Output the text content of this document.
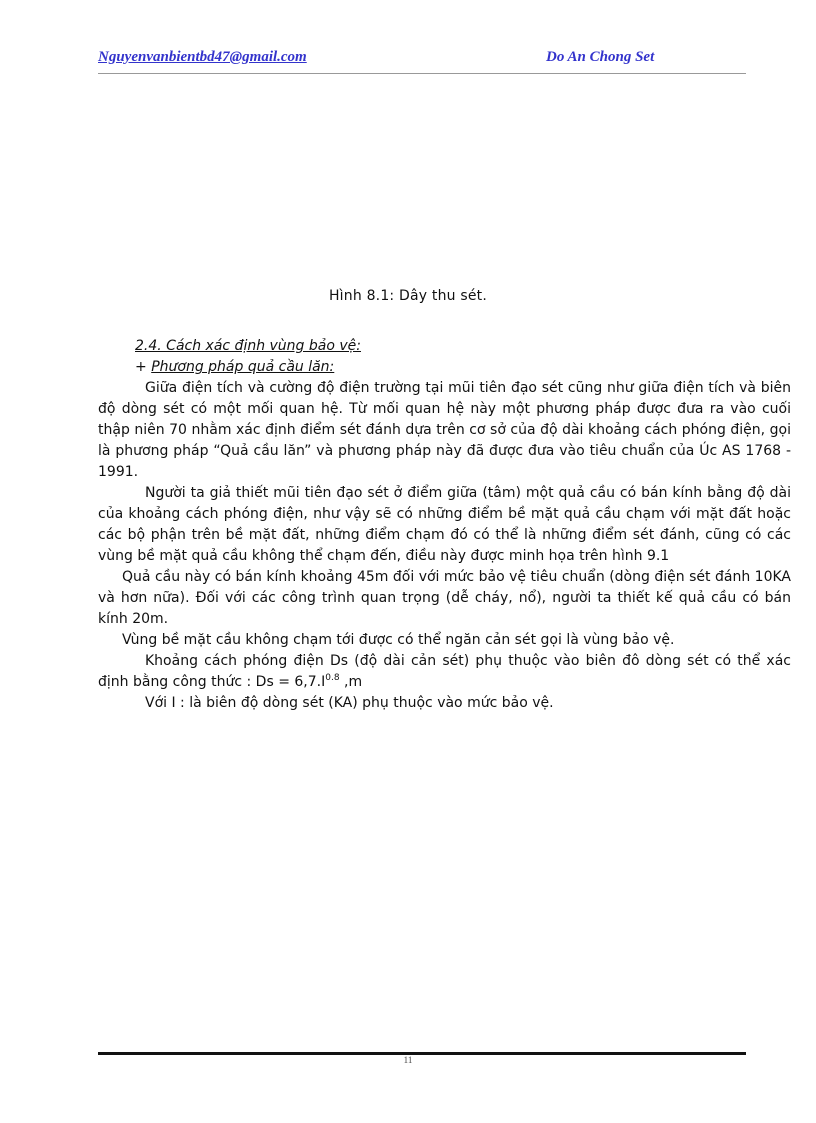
Nguyenvanbientbd47@gmail.com	Do An Chong Set
Hình 8.1: Dây thu sét.

2.4. Cách xác định vùng bảo vệ:

+ Phương pháp quả cầu lăn:

Giữa điện tích và cường độ điện trường tại mũi tiên đạo sét cũng như giữa điện tích và biên độ dòng sét có một mối quan hệ. Từ mối quan hệ này một phương pháp được đưa ra vào cuối thập niên 70 nhằm xác định điểm sét đánh dựa trên cơ sở của độ dài khoảng cách phóng điện, gọi là phương pháp “Quả cầu lăn” và phương pháp này đã được đưa vào tiêu chuẩn của Úc AS 1768 - 1991.

Người ta giả thiết mũi tiên đạo sét ở điểm giữa (tâm) một quả cầu có bán kính bằng độ dài của khoảng cách phóng điện, như vậy sẽ có những điểm bề mặt quả cầu chạm với mặt đất hoặc các bộ phận trên bề mặt đất, những điểm chạm đó có thể là những điểm sét đánh, cũng có các vùng bề mặt quả cầu không thể chạm đến, điều này được minh họa trên hình 9.1

Quả cầu này có bán kính khoảng 45m đối với mức bảo vệ tiêu chuẩn (dòng điện sét đánh 10KA và hơn nữa). Đối với các công trình quan trọng (dễ cháy, nổ), người ta thiết kế quả cầu có bán kính 20m.

Vùng bề mặt cầu không chạm tới được có thể ngăn cản sét gọi là vùng bảo vệ.

Khoảng cách phóng điện Ds (độ dài cản sét) phụ thuộc vào biên đô dòng sét có thể xác định bằng công thức : $Ds = 6,7.I^{0.8}$ ,m

Với I : là biên độ dòng sét (KA) phụ thuộc vào mức bảo vệ.

11
